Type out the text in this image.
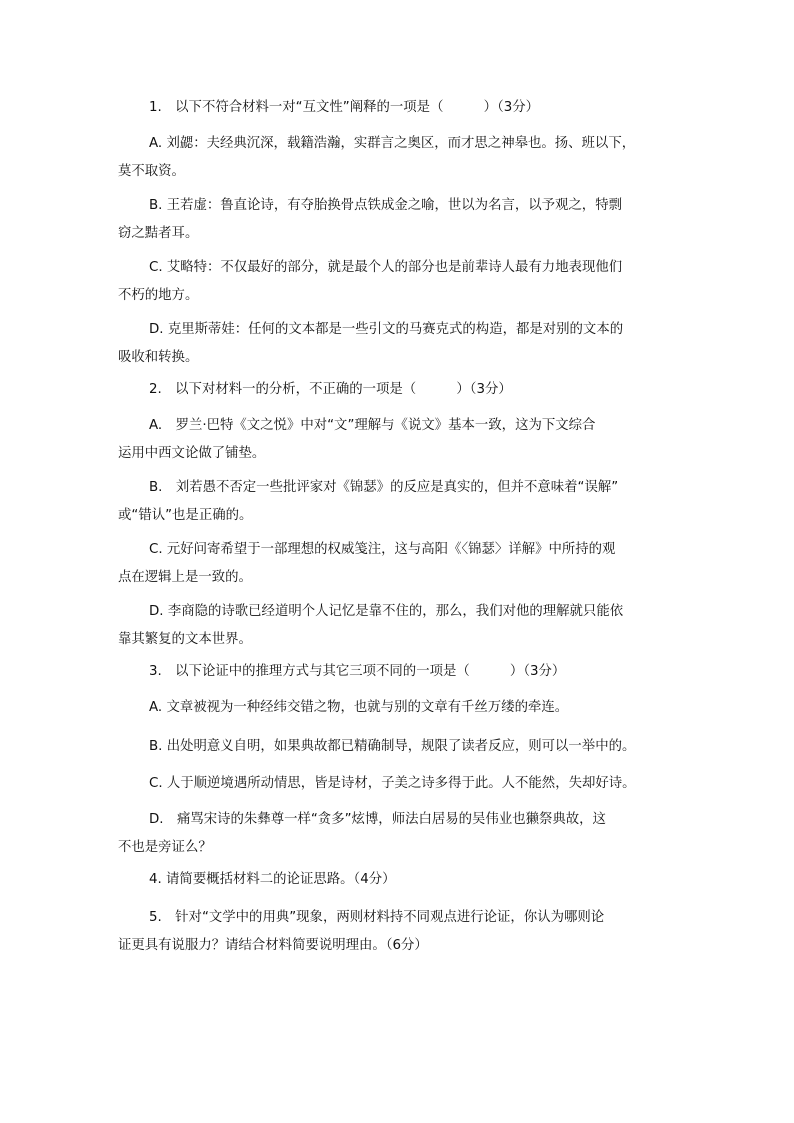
1.　以下不符合材料一对“互文性”阐释的一项是（　　　）（3分）

A. 刘勰：夫经典沉深，载籍浩瀚，实群言之奥区，而才思之神皋也。扬、班以下，
莫不取资。

B. 王若虚：鲁直论诗，有夺胎换骨点铁成金之喻，世以为名言，以予观之，特剽
窃之黠者耳。

C. 艾略特：不仅最好的部分，就是最个人的部分也是前辈诗人最有力地表现他们
不朽的地方。

D. 克里斯蒂娃：任何的文本都是一些引文的马赛克式的构造，都是对别的文本的
吸收和转换。

2.　以下对材料一的分析，不正确的一项是（　　　）（3分）

A.　罗兰·巴特《文之悦》中对“文”理解与《说文》基本一致，这为下文综合
运用中西文论做了铺垫。

B.　刘若愚不否定一些批评家对《锦瑟》的反应是真实的，但并不意味着“误解”
或“错认”也是正确的。

C. 元好问寄希望于一部理想的权威笺注，这与高阳《〈锦瑟〉详解》中所持的观
点在逻辑上是一致的。

D. 李商隐的诗歌已经道明个人记忆是靠不住的，那么，我们对他的理解就只能依
靠其繁复的文本世界。

3.　以下论证中的推理方式与其它三项不同的一项是（　　　）（3分）

A. 文章被视为一种经纬交错之物，也就与别的文章有千丝万缕的牵连。

B. 出处明意义自明，如果典故都已精确制导，规限了读者反应，则可以一举中的。

C. 人于顺逆境遇所动情思，皆是诗材，子美之诗多得于此。人不能然，失却好诗。

D.　痛骂宋诗的朱彝尊一样“贪多”炫博，师法白居易的吴伟业也獭祭典故，这
不也是旁证么？

4. 请简要概括材料二的论证思路。（4分）

5.　针对“文学中的用典”现象，两则材料持不同观点进行论证，你认为哪则论
证更具有说服力？请结合材料简要说明理由。（6分）
